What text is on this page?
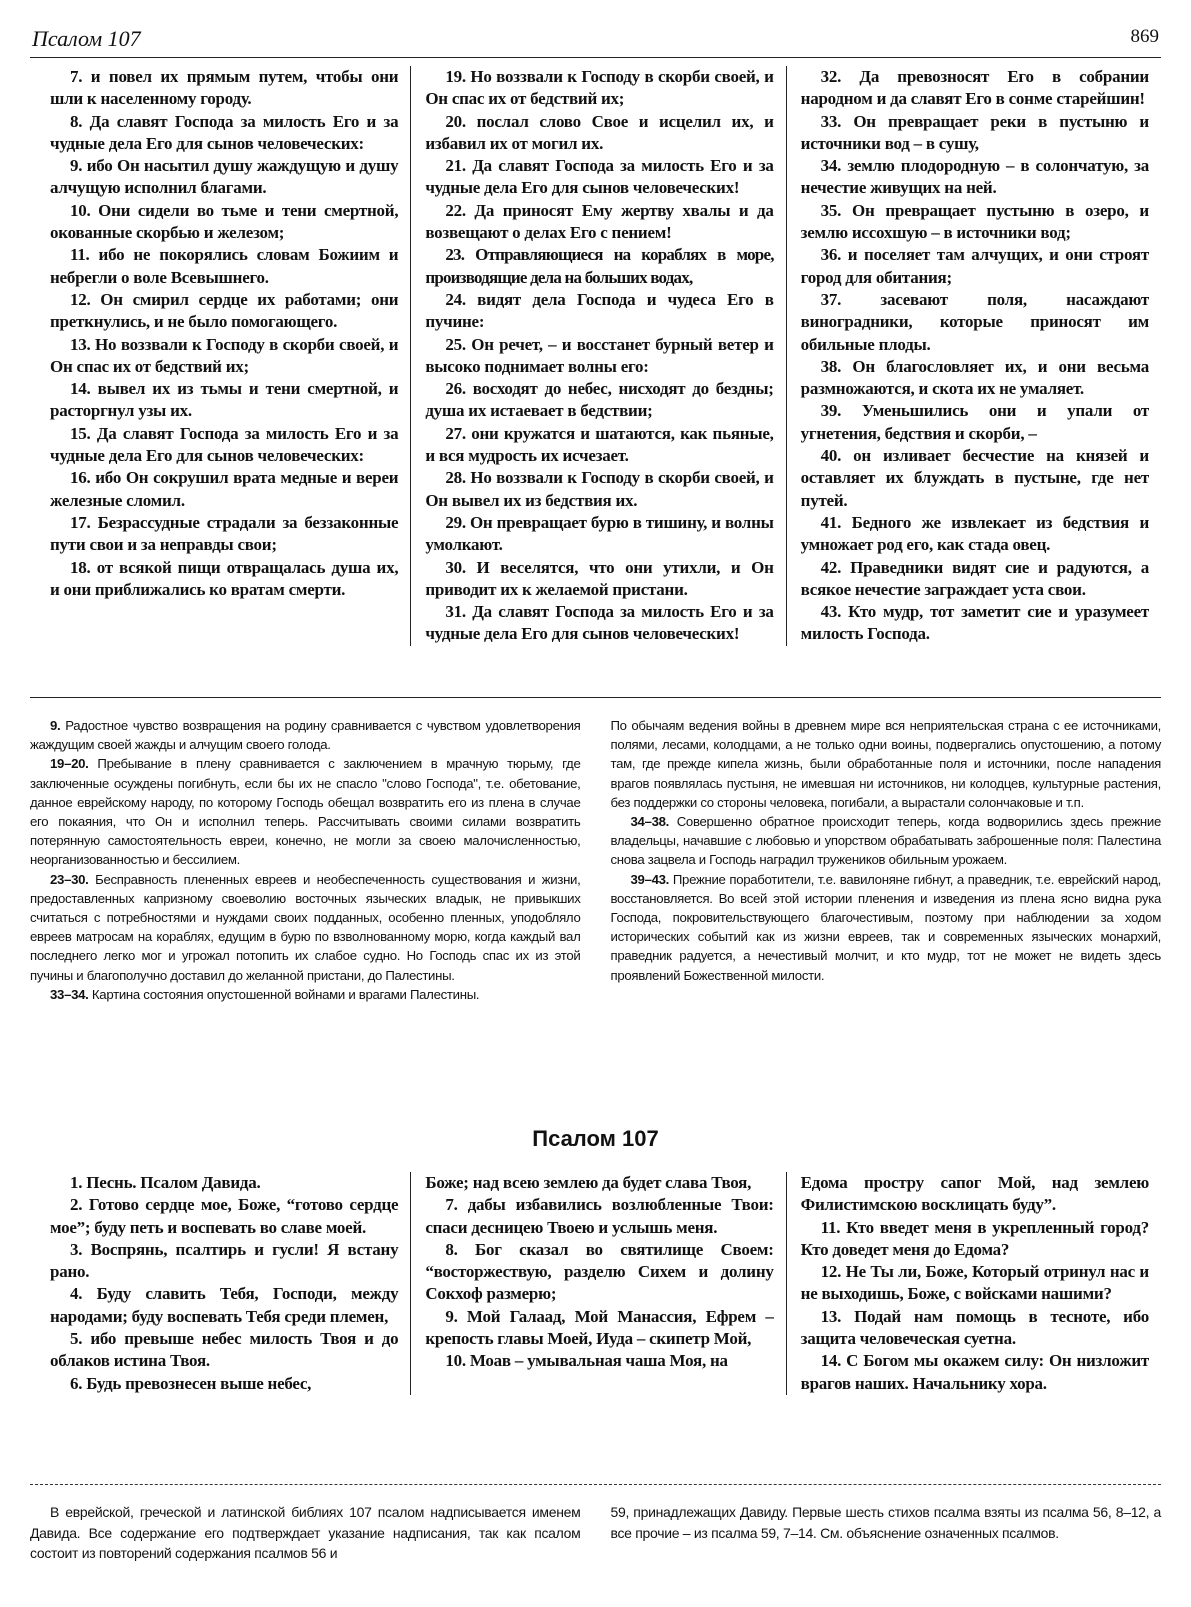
Псалом 107	869

7. и повел их прямым путем, чтобы они шли к населенному городу.

8. Да славят Господа за милость Его и за чудные дела Его для сынов человеческих:

9. ибо Он насытил душу жаждущую и душу алчущую исполнил благами.

10. Они сидели во тьме и тени смертной, окованные скорбью и железом;

11. ибо не покорялись словам Божиим и небрегли о воле Всевышнего.

12. Он смирил сердце их работами; они преткнулись, и не было помогающего.

13. Но воззвали к Господу в скорби своей, и Он спас их от бедствий их;

14. вывел их из тьмы и тени смертной, и расторгнул узы их.

15. Да славят Господа за милость Его и за чудные дела Его для сынов человеческих:

16. ибо Он сокрушил врата медные и вереи железные сломил.

17. Безрассудные страдали за беззаконные пути свои и за неправды свои;

18. от всякой пищи отвращалась душа их, и они приближались ко вратам смерти.

19. Но воззвали к Господу в скорби своей, и Он спас их от бедствий их;

20. послал слово Свое и исцелил их, и избавил их от могил их.

21. Да славят Господа за милость Его и за чудные дела Его для сынов человеческих!

22. Да приносят Ему жертву хвалы и да возвещают о делах Его с пением!

23. Отправляющиеся на кораблях в море, производящие дела на больших водах,

24. видят дела Господа и чудеса Его в пучине:

25. Он речет, – и восстанет бурный ветер и высоко поднимает волны его:

26. восходят до небес, нисходят до бездны; душа их истаевает в бедствии;

27. они кружатся и шатаются, как пьяные, и вся мудрость их исчезает.

28. Но воззвали к Господу в скорби своей, и Он вывел их из бедствия их.

29. Он превращает бурю в тишину, и волны умолкают.

30. И веселятся, что они утихли, и Он приводит их к желаемой пристани.

31. Да славят Господа за милость Его и за чудные дела Его для сынов человеческих!

32. Да превозносят Его в собрании народном и да славят Его в сонме старейшин!

33. Он превращает реки в пустыню и источники вод – в сушу,

34. землю плодородную – в солончатую, за нечестие живущих на ней.

35. Он превращает пустыню в озеро, и землю иссохшую – в источники вод;

36. и поселяет там алчущих, и они строят город для обитания;

37. засевают поля, насаждают виноградники, которые приносят им обильные плоды.

38. Он благословляет их, и они весьма размножаются, и скота их не умаляет.

39. Уменьшились они и упали от угнетения, бедствия и скорби, –

40. он изливает бесчестие на князей и оставляет их блуждать в пустыне, где нет путей.

41. Бедного же извлекает из бедствия и умножает род его, как стада овец.

42. Праведники видят сие и радуются, а всякое нечестие заграждает уста свои.

43. Кто мудр, тот заметит сие и уразумеет милость Господа.

9. Радостное чувство возвращения на родину сравнивается с чувством удовлетворения жаждущим своей жажды и алчущим своего голода.

19–20. Пребывание в плену сравнивается с заключением в мрачную тюрьму, где заключенные осуждены погибнуть, если бы их не спасло "слово Господа", т.е. обетование, данное еврейскому народу, по которому Господь обещал возвратить его из плена в случае его покаяния, что Он и исполнил теперь. Рассчитывать своими силами возвратить потерянную самостоятельность евреи, конечно, не могли за своею малочисленностью, неорганизованностью и бессилием.

23–30. Бесправность плененных евреев и необеспеченность существования и жизни, предоставленных капризному своеволию восточных языческих владык, не привыкших считаться с потребностями и нуждами своих подданных, особенно пленных, уподобляло евреев матросам на кораблях, едущим в бурю по взволнованному морю, когда каждый вал последнего легко мог и угрожал потопить их слабое судно. Но Господь спас их из этой пучины и благополучно доставил до желанной пристани, до Палестины.

33–34. Картина состояния опустошенной войнами и врагами Палестины.

По обычаям ведения войны в древнем мире вся неприятельская страна с ее источниками, полями, лесами, колодцами, а не только одни воины, подвергались опустошению, а потому там, где прежде кипела жизнь, были обработанные поля и источники, после нападения врагов появлялась пустыня, не имевшая ни источников, ни колодцев, культурные растения, без поддержки со стороны человека, погибали, а вырастали солончаковые и т.п.

34–38. Совершенно обратное происходит теперь, когда водворились здесь прежние владельцы, начавшие с любовью и упорством обрабатывать заброшенные поля: Палестина снова зацвела и Господь наградил тружеников обильным урожаем.

39–43. Прежние поработители, т.е. вавилоняне гибнут, а праведник, т.е. еврейский народ, восстановляется. Во всей этой истории пленения и изведения из плена ясно видна рука Господа, покровительствующего благочестивым, поэтому при наблюдении за ходом исторических событий как из жизни евреев, так и современных языческих монархий, праведник радуется, а нечестивый молчит, и кто мудр, тот не может не видеть здесь проявлений Божественной милости.

Псалом 107

1. Песнь. Псалом Давида.

2. Готово сердце мое, Боже, “готово сердце мое”; буду петь и воспевать во славе моей.

3. Воспрянь, псалтирь и гусли! Я встану рано.

4. Буду славить Тебя, Господи, между народами; буду воспевать Тебя среди племен,

5. ибо превыше небес милость Твоя и до облаков истина Твоя.

6. Будь превознесен выше небес,

Боже; над всею землею да будет слава Твоя,

7. дабы избавились возлюбленные Твои: спаси десницею Твоею и услышь меня.

8. Бог сказал во святилище Своем: “восторжествую, разделю Сихем и долину Сокхоф размерю;

9. Мой Галаад, Мой Манассия, Ефрем – крепость главы Моей, Иуда – скипетр Мой,

10. Моав – умывальная чаша Моя, на

Едома простру сапог Мой, над землею Филистимскою восклицать буду”.

11. Кто введет меня в укрепленный город? Кто доведет меня до Едома?

12. Не Ты ли, Боже, Который отринул нас и не выходишь, Боже, с войсками нашими?

13. Подай нам помощь в тесноте, ибо защита человеческая суетна.

14. С Богом мы окажем силу: Он низложит врагов наших. Начальнику хора.

В еврейской, греческой и латинской библиях 107 псалом надписывается именем Давида. Все содержание его подтверждает указание надписания, так как псалом состоит из повторений содержания псалмов 56 и

59, принадлежащих Давиду. Первые шесть стихов псалма взяты из псалма 56, 8–12, а все прочие – из псалма 59, 7–14. См. объяснение означенных псалмов.
